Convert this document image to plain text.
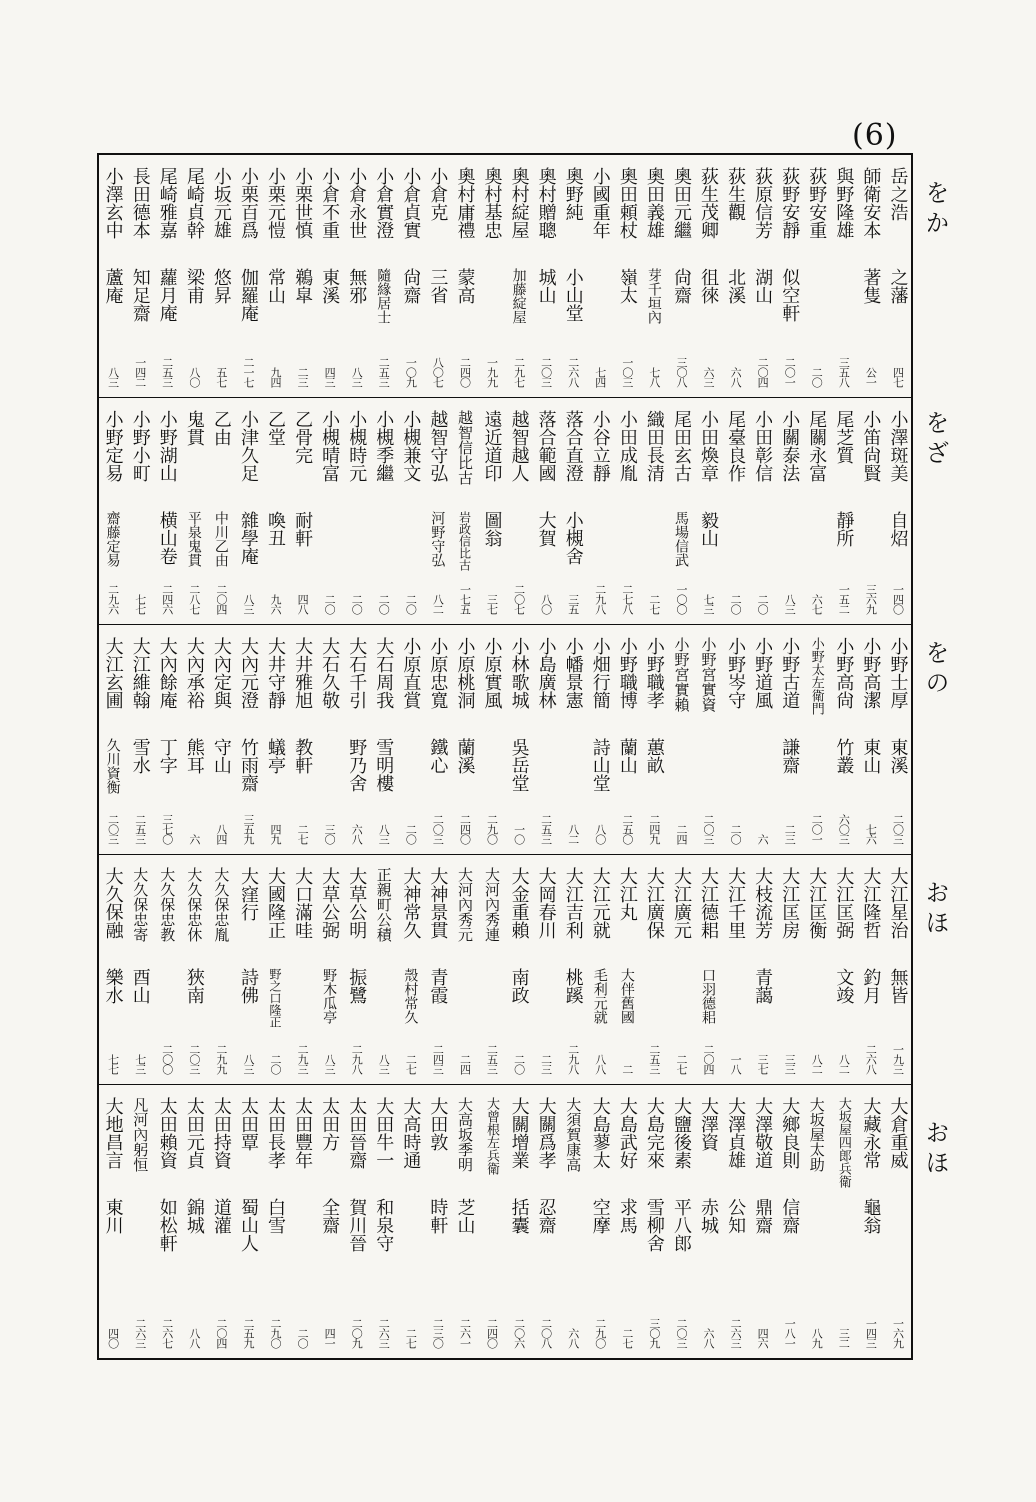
(6)
岳之浩
之藩
四七
師衛安本
著隻
公一
與野隆雄
三五八
荻野安重
二〇
荻野安靜
似空軒
二〇一
荻原信芳
湖山
二〇四
荻生觀
北溪
六八
荻生茂卿
徂徠
六三
奧田元繼
尙齋
三〇八
奧田義雄
芽千垣內
七八
奧田頼杖
嶺太
一〇三
小國重年
七四
奧野純
小山堂
二六八
奧村贈聰
城山
二〇三
奧村綻屋
加藤綻屋
二九七
奧村基忠
一九九
奧村庸禮
蒙高
二四〇
小倉克
三省
八〇七
小倉貞實
尙齋
一〇九
小倉實澄
隨緣居士
二五三
小倉永世
無邪
八三
小倉不重
東溪
四三
小栗世慎
鵜皐
二三
小栗元愷
常山
九四
小栗百爲
伽羅庵
二一七
小坂元雄
悠昇
五七
尾崎貞幹
梁甫
八〇
尾崎雅嘉
蘿月庵
二五三
長田德本
知足齋
一四二
小澤玄中
蘆庵
八三
小澤斑美
自炤
一四〇
小笛尙賢
三六九
尾芝質
靜所
一五二
尾關永富
六七
小關泰法
八三
小田彰信
二〇
尾臺良作
二〇
小田煥章
毅山
七三
尾田玄古
馬場信武
一〇〇
織田長清
二七
小田成胤
二七八
小谷立靜
二九八
落合直澄
小槻舍
三五
落合範國
大賀
八〇
越智越人
二〇七
遠近道印
圖翁
三七
越智信比古
岩政信比古
一七五
越智守弘
河野守弘
八二
小槻兼文
二〇
小槻季繼
二〇
小槻時元
二〇
小槻晴富
二〇
乙骨完
耐軒
四八
乙堂
喚丑
九六
小津久足
雜學庵
八三
乙由
中川乙由
二〇四
鬼貫
平泉鬼貫
二八七
小野湖山
横山卷
二四六
小野小町
七七
小野定易
齋藤定易
二九六
小野士厚
東溪
二〇三
小野高潔
東山
七六
小野高尙
竹叢
六〇三
小野太左衛門
二〇一
小野古道
謙齋
二三
小野道風
六
小野岑守
二〇
小野宮實資
二〇三
小野宮實賴
二四
小野職孝
蕙畝
二四九
小野職博
蘭山
二五〇
小畑行簡
詩山堂
八〇
小幡景憲
八二
小島廣林
二五三
小林歌城
吳岳堂
一〇
小原實風
二九〇
小原桃洞
蘭溪
二四〇
小原忠寬
鐵心
二〇三
小原直賞
二〇
大石周我
雪明樓
八三
大石千引
野乃舍
六八
大石久敬
三〇
大井雅旭
教軒
二七
大井守靜
蟻亭
四九
大內元澄
竹雨齋
三五九
大內定與
守山
八四
大內承裕
熊耳
六
大內餘庵
丁字
三七〇
大江維翰
雪水
二五三
大江玄圃
久川資衡
二〇三
大江星治
無皆
一九三
大江隆哲
釣月
二六八
大江匡弼
文竣
八二
大江匡衡
八二
大江匡房
三三
大枝流芳
青藹
三七
大江千里
一八
大江德耜
口羽德耜
二〇四
大江廣元
二七
大江廣保
二五三
大江丸
大伴舊國
二
大江元就
毛利元就
八八
大江吉利
桃蹊
二九八
大岡春川
二三
大金重賴
南政
二〇
大河內秀連
二五三
大河內秀元
二四
大神景貫
青霞
二四三
大神常久
殼村常久
二七
正親町公積
八三
大草公明
振鷺
二九八
大草公弼
野木瓜亭
八三
大口滿哇
二九三
大國隆正
野之口隆正
二〇
大窪行
詩佛
八三
大久保忠胤
二九九
大久保忠休
狹南
二〇三
大久保忠教
二〇〇
大久保忠寄
酉山
七三
大久保融
樂水
七七
大倉重威
一六九
大藏永常
龜翁
一四三
大坂屋四郎兵衛
三二
大坂屋太助
八九
大鄉良則
信齋
一八一
大澤敬道
鼎齋
四六
大澤貞雄
公知
二六三
大澤資
赤城
六八
大鹽後素
平八郎
二〇三
大島完來
雪柳舍
三〇九
大島武好
求馬
二七
大島蓼太
空摩
二九〇
大須賀康高
六八
大關爲孝
忍齋
二〇八
大關增業
括囊
二〇六
大曾根左兵衛
二四〇
大高坂季明
芝山
二六一
大田敦
時軒
二三〇
大高時通
二七
大田牛一
和泉守
二六三
太田晉齋
賀川晉
二〇九
太田方
全齋
四一
太田豐年
二〇
太田長孝
白雪
二九〇
太田覃
蜀山人
二五九
太田持資
道灌
二〇四
太田元貞
錦城
八八
太田賴資
如松軒
二六七
凡河內躬恒
二六三
大地昌言
東川
四〇
をか
をざ
をの
おほ
おほ
